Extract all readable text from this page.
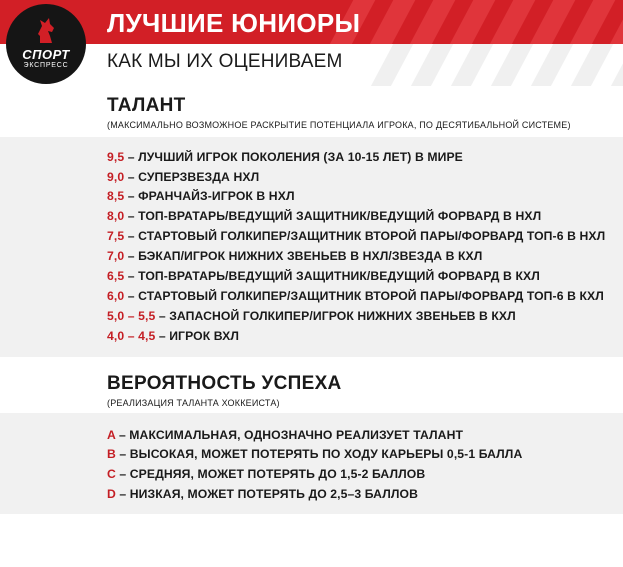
ЛУЧШИЕ ЮНИОРЫ
КАК МЫ ИХ ОЦЕНИВАЕМ
СПОРТ
ЭКСПРЕСС
ТАЛАНТ
(МАКСИМАЛЬНО ВОЗМОЖНОЕ РАСКРЫТИЕ ПОТЕНЦИАЛА ИГРОКА, ПО ДЕСЯТИБАЛЬНОЙ СИСТЕМЕ)
9,5 – ЛУЧШИЙ ИГРОК ПОКОЛЕНИЯ (ЗА 10-15 ЛЕТ) В МИРЕ
9,0 – СУПЕРЗВЕЗДА НХЛ
8,5 – ФРАНЧАЙЗ-ИГРОК В НХЛ
8,0 – ТОП-ВРАТАРЬ/ВЕДУЩИЙ ЗАЩИТНИК/ВЕДУЩИЙ ФОРВАРД В НХЛ
7,5 – СТАРТОВЫЙ ГОЛКИПЕР/ЗАЩИТНИК ВТОРОЙ ПАРЫ/ФОРВАРД ТОП-6 В НХЛ
7,0 – БЭКАП/ИГРОК НИЖНИХ ЗВЕНЬЕВ В НХЛ/ЗВЕЗДА В КХЛ
6,5 – ТОП-ВРАТАРЬ/ВЕДУЩИЙ ЗАЩИТНИК/ВЕДУЩИЙ ФОРВАРД В КХЛ
6,0 – СТАРТОВЫЙ ГОЛКИПЕР/ЗАЩИТНИК ВТОРОЙ ПАРЫ/ФОРВАРД ТОП-6 В КХЛ
5,0 – 5,5 – ЗАПАСНОЙ ГОЛКИПЕР/ИГРОК НИЖНИХ ЗВЕНЬЕВ В КХЛ
4,0 – 4,5 – ИГРОК ВХЛ
ВЕРОЯТНОСТЬ УСПЕХА
(РЕАЛИЗАЦИЯ ТАЛАНТА ХОККЕИСТА)
A – МАКСИМАЛЬНАЯ, ОДНОЗНАЧНО РЕАЛИЗУЕТ ТАЛАНТ
B – ВЫСОКАЯ, МОЖЕТ ПОТЕРЯТЬ ПО ХОДУ КАРЬЕРЫ 0,5-1 БАЛЛА
C – СРЕДНЯЯ, МОЖЕТ ПОТЕРЯТЬ ДО 1,5-2 БАЛЛОВ
D – НИЗКАЯ, МОЖЕТ ПОТЕРЯТЬ ДО 2,5–3 БАЛЛОВ
